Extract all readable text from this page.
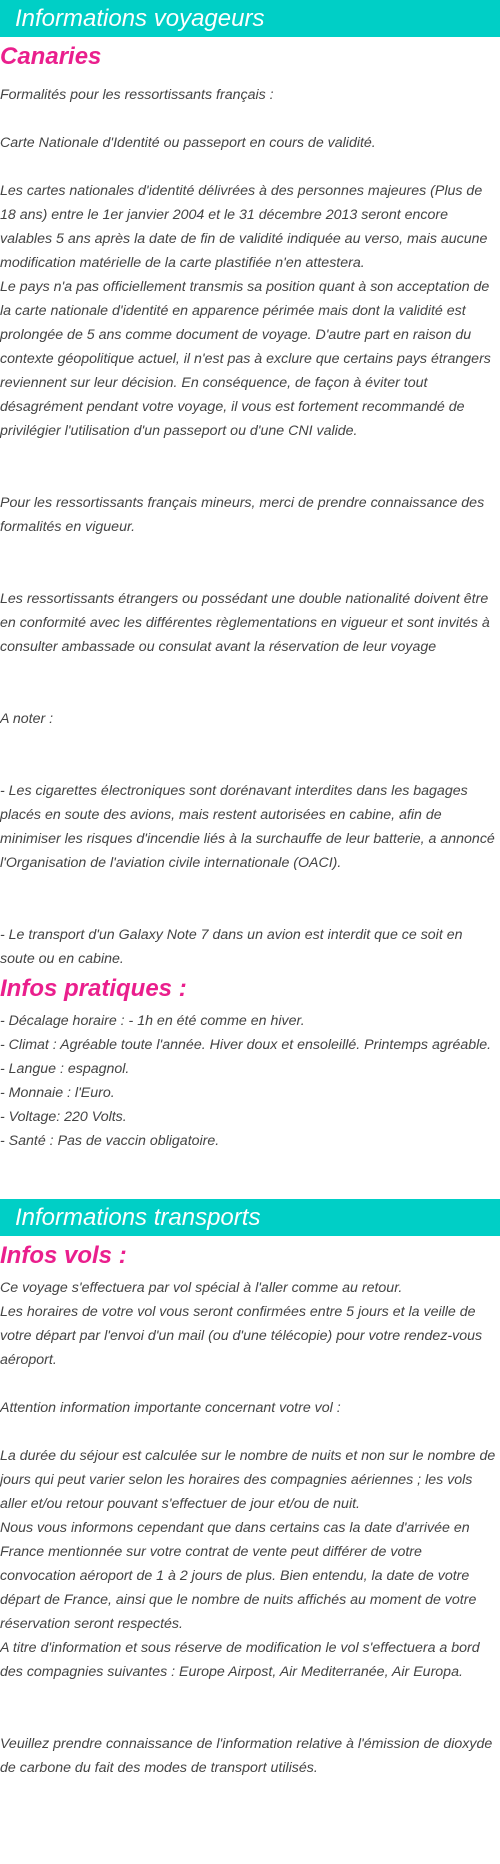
Informations voyageurs
Canaries

Formalités pour les ressortissants français :

Carte Nationale d'Identité ou passeport en cours de validité.

Les cartes nationales d'identité délivrées à des personnes majeures (Plus de 18 ans) entre le 1er janvier 2004 et le 31 décembre 2013 seront encore valables 5 ans après la date de fin de validité indiquée au verso, mais aucune modification matérielle de la carte plastifiée n'en attestera.

Le pays n'a pas officiellement transmis sa position quant à son acceptation de la carte nationale d'identité en apparence périmée mais dont la validité est prolongée de 5 ans comme document de voyage. D'autre part en raison du contexte géopolitique actuel, il n'est pas à exclure que certains pays étrangers reviennent sur leur décision. En conséquence, de façon à éviter tout désagrément pendant votre voyage, il vous est fortement recommandé de privilégier l'utilisation d'un passeport ou d'une CNI valide.

Pour les ressortissants français mineurs, merci de prendre connaissance des formalités en vigueur.

Les ressortissants étrangers ou possédant une double nationalité doivent être en conformité avec les différentes règlementations en vigueur et sont invités à consulter ambassade ou consulat avant la réservation de leur voyage

A noter :

- Les cigarettes électroniques sont dorénavant interdites dans les bagages placés en soute des avions, mais restent autorisées en cabine, afin de minimiser les risques d'incendie liés à la surchauffe de leur batterie, a annoncé l'Organisation de l'aviation civile internationale (OACI).

- Le transport d'un Galaxy Note 7 dans un avion est interdit que ce soit en soute ou en cabine.

Infos pratiques :

- Décalage horaire : - 1h en été comme en hiver.

- Climat : Agréable toute l'année. Hiver doux et ensoleillé. Printemps agréable.

- Langue : espagnol.

- Monnaie : l'Euro.

- Voltage: 220 Volts.

- Santé : Pas de vaccin obligatoire.

Informations transports
Infos vols :

Ce voyage s'effectuera par vol spécial à l'aller comme au retour.

Les horaires de votre vol vous seront confirmées entre 5 jours et la veille de votre départ par l'envoi d'un mail (ou d'une télécopie) pour votre rendez-vous aéroport.

Attention information importante concernant votre vol :

La durée du séjour est calculée sur le nombre de nuits et non sur le nombre de jours qui peut varier selon les horaires des compagnies aériennes ; les vols aller et/ou retour pouvant s'effectuer de jour et/ou de nuit.

Nous vous informons cependant que dans certains cas la date d'arrivée en France mentionnée sur votre contrat de vente peut différer de votre convocation aéroport de 1 à 2 jours de plus. Bien entendu, la date de votre départ de France, ainsi que le nombre de nuits affichés au moment de votre réservation seront respectés.

A titre d'information et sous réserve de modification le vol s'effectuera a bord des compagnies suivantes : Europe Airpost, Air Mediterranée, Air Europa.

Veuillez prendre connaissance de l'information relative à l'émission de dioxyde de carbone du fait des modes de transport utilisés.
